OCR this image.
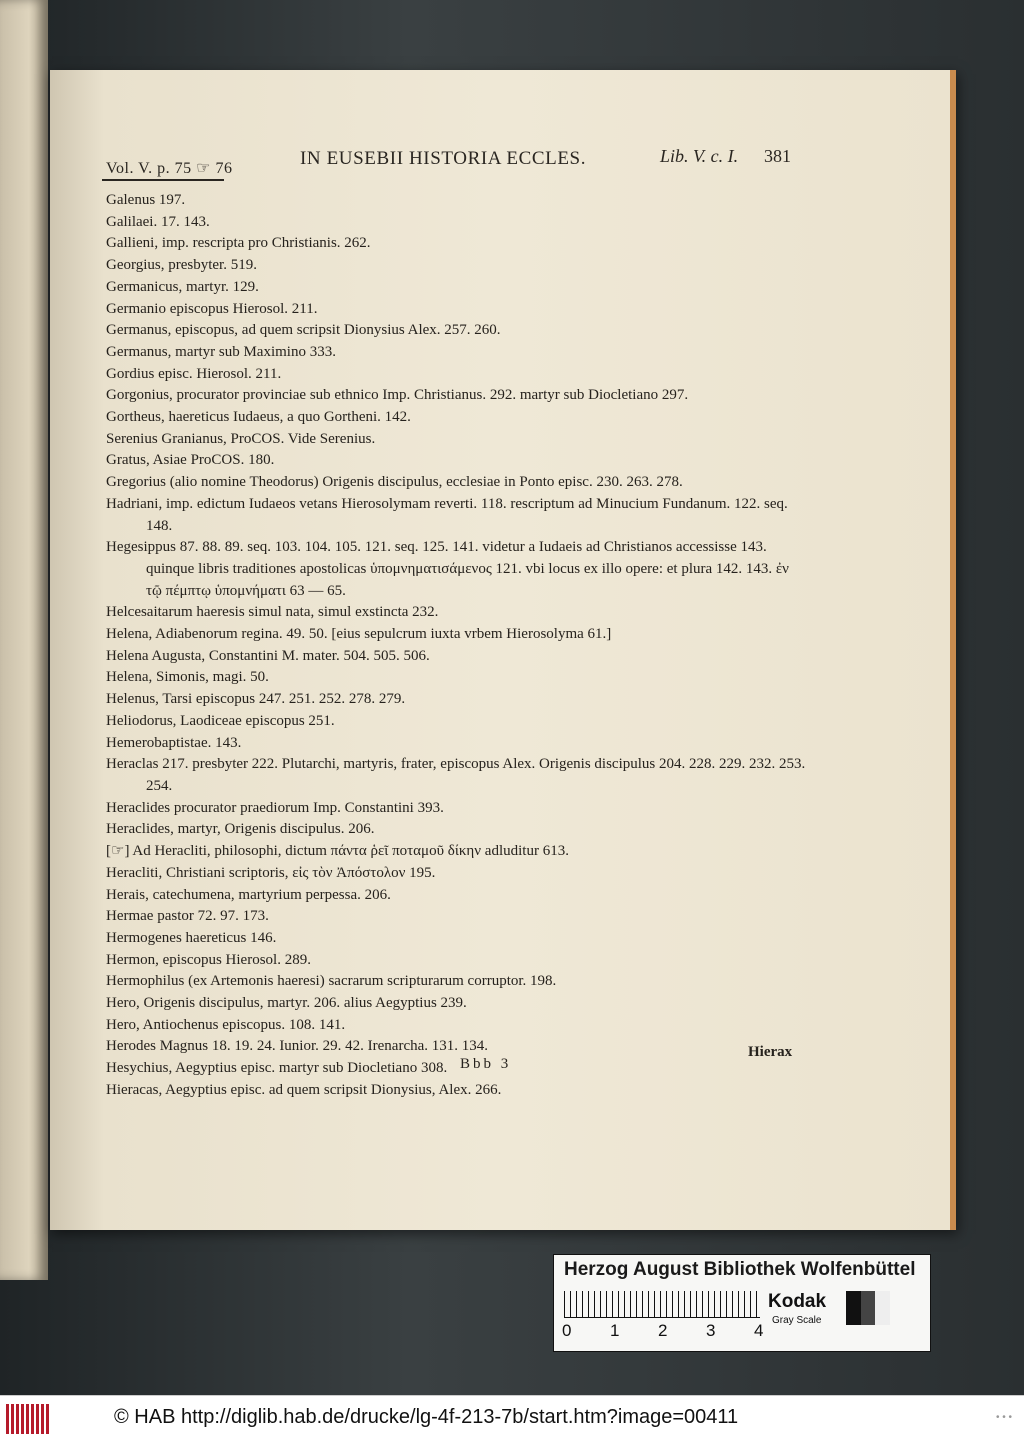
Vol. V. p. 75 ☞ 76	IN EUSEBII HISTORIA ECCLES.	Lib. V. c. I. 381

Galenus 197.

Galilaei. 17. 143.

Gallieni, imp. rescripta pro Christianis. 262.

Georgius, presbyter. 519.

Germanicus, martyr. 129.

Germanio episcopus Hierosol. 211.

Germanus, episcopus, ad quem scripsit Dionysius Alex. 257. 260.

Germanus, martyr sub Maximino 333.

Gordius episc. Hierosol. 211.

Gorgonius, procurator provinciae sub ethnico Imp. Christianus. 292. martyr sub Diocletiano 297.

Gortheus, haereticus Iudaeus, a quo Gorthenі. 142.

Serenius Granianus, ProCOS. Vide Serenius.

Gratus, Asiae ProCOS. 180.

Gregorius (alio nomine Theodorus) Origenis discipulus, ecclesiae in Ponto episc. 230. 263. 278.

Hadriani, imp. edictum Iudaeos vetans Hierosolymam reverti. 118. rescriptum ad Minucium Fundanum. 122. seq. 148.

Hegesippus 87. 88. 89. seq. 103. 104. 105. 121. seq. 125. 141. videtur a Iudaeis ad Christianos accessisse 143. quinque libris traditiones apostolicas ὑπομνηματισάμενος 121. vbi locus ex illo opere: et plura 142. 143. ἐν τῷ πέμπτῳ ὑπομνήματι 63 — 65.

Helcesaitarum haeresis simul nata, simul exstincta 232.

Helena, Adiabenorum regina. 49. 50. [eius sepulcrum iuxta vrbem Hierosolyma 61.]

Helena Augusta, Constantini M. mater. 504. 505. 506.

Helena, Simonis, magi. 50.

Helenus, Tarsi episcopus 247. 251. 252. 278. 279.

Heliodorus, Laodiceae episcopus 251.

Hemerobaptistae. 143.

Heraclas 217. presbyter 222. Plutarchi, martyris, frater, episcopus Alex. Origenis discipulus 204. 228. 229. 232. 253. 254.

Heraclides procurator praediorum Imp. Constantini 393.

Heraclides, martyr, Origenis discipulus. 206.

[☞] Ad Heracliti, philosophi, dictum πάντα ῥεῖ ποταμοῦ δίκην adluditur 613.

Heracliti, Christiani scriptoris, εἰς τὸν Ἀπόστολον 195.

Herais, catechumena, martyrium perpessa. 206.

Hermae pastor 72. 97. 173.

Hermogenes haereticus 146.

Hermon, episcopus Hierosol. 289.

Hermophilus (ex Artemonis haeresi) sacrarum scripturarum corruptor. 198.

Hero, Origenis discipulus, martyr. 206. alius Aegyptius 239.

Hero, Antiochenus episcopus. 108. 141.

Herodes Magnus 18. 19. 24. Iunior. 29. 42. Irenarcha. 131. 134.

Hesychius, Aegyptius episc. martyr sub Diocletiano 308.

Hieracas, Aegyptius episc. ad quem scripsit Dionysius, Alex. 266.

Bbb 3
Hierax
Herzog August Bibliothek Wolfenbüttel
0 1 2 3 4
Kodak
Gray Scale
© HAB http://diglib.hab.de/drucke/lg-4f-213-7b/start.htm?image=00411	• • •
